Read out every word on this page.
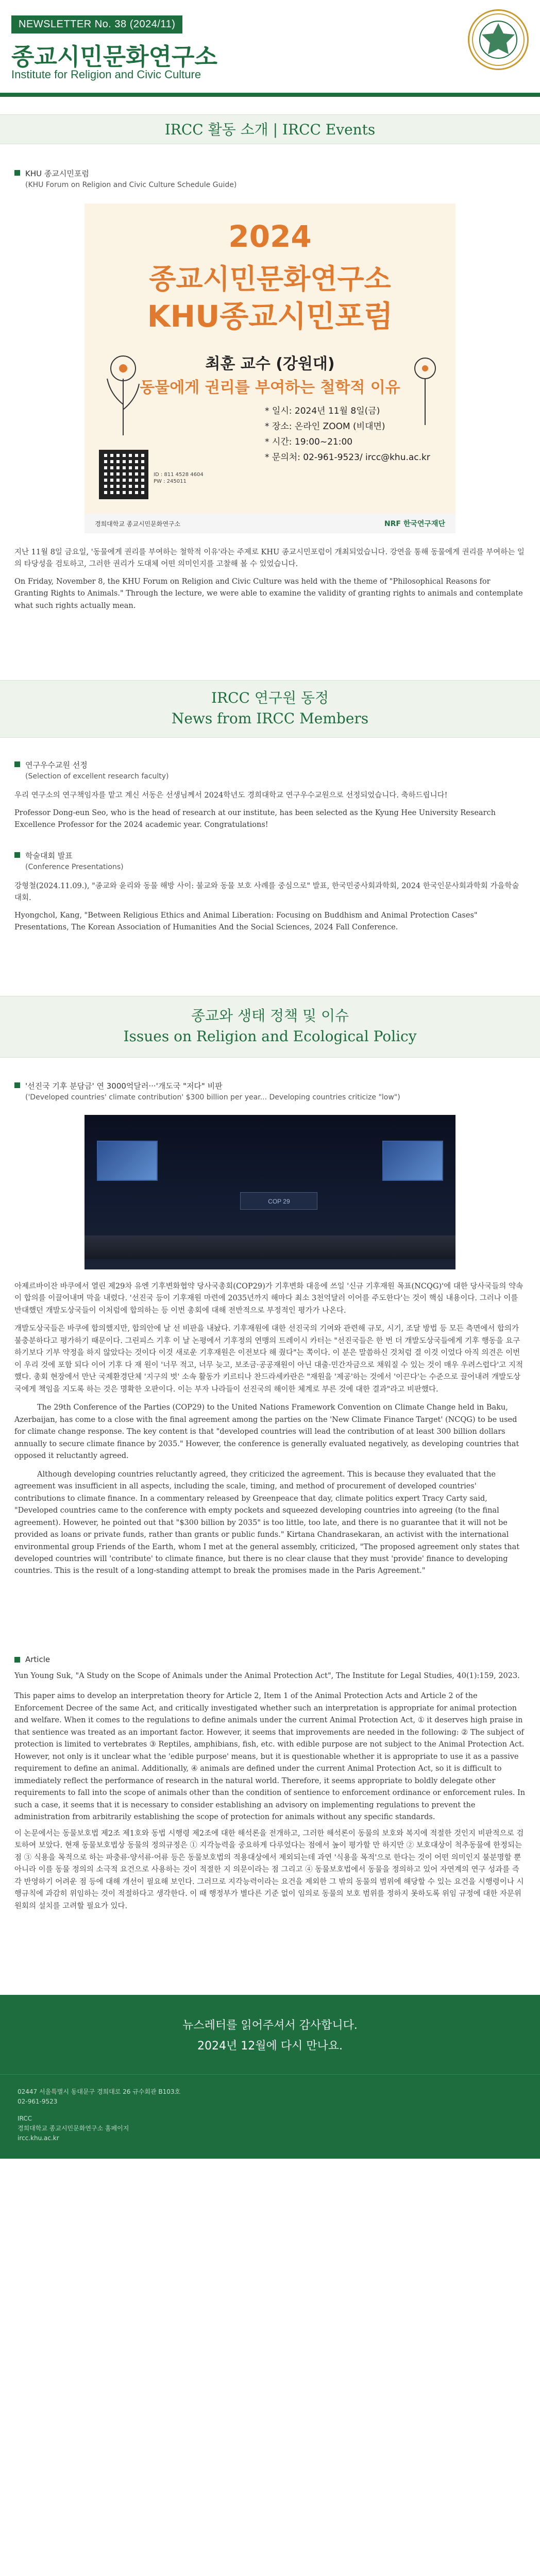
NEWSLETTER No. 38 (2024/11)
종교시민문화연구소
Institute for Religion and Civic Culture
IRCC 활동 소개 | IRCC Events
KHU 종교시민포럼
(KHU Forum on Religion and Civic Culture Schedule Guide)
2024
종교시민문화연구소
KHU종교시민포럼
최훈 교수 (강원대)
동물에게 권리를 부여하는 철학적 이유
* 일시: 2024년 11월 8일(금)
* 장소: 온라인 ZOOM (비대면)
* 시간: 19:00~21:00
* 문의처: 02-961-9523/ ircc@khu.ac.kr
ID : 811 4528 4604
PW : 245011
경희대학교 종교시민문화연구소	NRF 한국연구재단

지난 11월 8일 금요일, '동물에게 권리를 부여하는 철학적 이유'라는 주제로 KHU 종교시민포럼이 개최되었습니다. 강연을 통해 동물에게 권리를 부여하는 일의 타당성을 검토하고, 그러한 권리가 도대체 어떤 의미인지를 고찰해 볼 수 있었습니다.

On Friday, November 8, the KHU Forum on Religion and Civic Culture was held with the theme of "Philosophical Reasons for Granting Rights to Animals." Through the lecture, we were able to examine the validity of granting rights to animals and contemplate what such rights actually mean.

IRCC 연구원 동정
News from IRCC Members
연구우수교원 선정
(Selection of excellent research faculty)

우리 연구소의 연구책임자를 맡고 계신 서동은 선생님께서 2024학년도 경희대학교 연구우수교원으로 선정되었습니다. 축하드립니다!

Professor Dong-eun Seo, who is the head of research at our institute, has been selected as the Kyung Hee University Research Excellence Professor for the 2024 academic year. Congratulations!

학술대회 발표
(Conference Presentations)

강형철(2024.11.09.), "종교와 윤리와 동물 해방 사이: 불교와 동물 보호 사례를 중심으로" 발표, 한국민중사회과학회, 2024 한국인문사회과학회 가을학술대회.

Hyongchol, Kang, "Between Religious Ethics and Animal Liberation: Focusing on Buddhism and Animal Protection Cases" Presentations, The Korean Association of Humanities And the Social Sciences, 2024 Fall Conference.

종교와 생태 정책 및 이슈
Issues on Religion and Ecological Policy
'선진국 기후 분담금' 연 3000억달러···'개도국 "저다" 비판
('Developed countries' climate contribution' $300 billion per year... Developing countries criticize "low")
COP 29

아제르바이잔 바쿠에서 열린 제29차 유엔 기후변화협약 당사국총회(COP29)가 기후변화 대응에 쓰일 '신규 기후재원 목표(NCQG)'에 대한 당사국들의 약속이 합의를 이끌어내며 막을 내렸다. '선진국 등이 기후재원 마련에 2035년까지 해마다 최소 3천억달러 이어를 주도한다'는 것이 핵심 내용이다. 그러나 이를 반대했던 개발도상국들이 이처럼에 합의하는 등 이번 총회에 대해 전반적으로 부정적인 평가가 나온다.

개발도상국들은 바쿠에 합의했지만, 합의안에 날 선 비판을 내놨다. 기후재원에 대한 선진국의 기여와 관련해 규모, 시기, 조달 방법 등 모든 측면에서 합의가 불충분하다고 평가하기 때문이다. 그린피스 기후 이 날 논평에서 기후정의 연맹의 트레이시 카터는 "선진국들은 한 번 더 개발도상국들에게 기후 행동을 요구하기보다 기부 약정을 하지 않았다는 것이다 이것 새로운 기후재원은 이전보다 해 줬다"는 쪽이다. 이 분은 말씀하신 것처럼 결 이것 이었다 아직 의견은 이번 이 우리 것에 포함 되다 이어 기후 다 재 원이 '너무 적고, 너무 늦고, 보조금·공공재원이 아닌 대출·민간자금으로 채워질 수 있는 것이 매우 우려스럽다'고 지적했다. 총회 현장에서 만난 국제환경단체 '지구의 벗' 소속 활동가 키르티나 찬드라세카란은 "재원을 '제공'하는 것에서 '이끈다'는 수준으로 끌어내려 개발도상국에게 책임을 지도록 하는 것은 명확한 오판이다. 이는 부자 나라들이 선진국의 해이한 체계로 부른 것에 대한 결과"라고 비판했다.

The 29th Conference of the Parties (COP29) to the United Nations Framework Convention on Climate Change held in Baku, Azerbaijan, has come to a close with the final agreement among the parties on the 'New Climate Finance Target' (NCQG) to be used for climate change response. The key content is that "developed countries will lead the contribution of at least 300 billion dollars annually to secure climate finance by 2035." However, the conference is generally evaluated negatively, as developing countries that opposed it reluctantly agreed.

Although developing countries reluctantly agreed, they criticized the agreement. This is because they evaluated that the agreement was insufficient in all aspects, including the scale, timing, and method of procurement of developed countries' contributions to climate finance. In a commentary released by Greenpeace that day, climate politics expert Tracy Carty said, "Developed countries came to the conference with empty pockets and squeezed developing countries into agreeing (to the final agreement). However, he pointed out that "$300 billion by 2035" is too little, too late, and there is no guarantee that it will not be provided as loans or private funds, rather than grants or public funds." Kirtana Chandrasekaran, an activist with the international environmental group Friends of the Earth, whom I met at the general assembly, criticized, "The proposed agreement only states that developed countries will 'contribute' to climate finance, but there is no clear clause that they must 'provide' finance to developing countries. This is the result of a long-standing attempt to break the promises made in the Paris Agreement."

Article

Yun Young Suk, "A Study on the Scope of Animals under the Animal Protection Act", The Institute for Legal Studies, 40(1):159, 2023.

This paper aims to develop an interpretation theory for Article 2, Item 1 of the Animal Protection Acts and Article 2 of the Enforcement Decree of the same Act, and critically investigated whether such an interpretation is appropriate for animal protection and welfare. When it comes to the regulations to define animals under the current Animal Protection Act, ① it deserves high praise in that sentience was treated as an important factor. However, it seems that improvements are needed in the following: ② The subject of protection is limited to vertebrates ③ Reptiles, amphibians, fish, etc. with edible purpose are not subject to the Animal Protection Act. However, not only is it unclear what the 'edible purpose' means, but it is questionable whether it is appropriate to use it as a passive requirement to define an animal. Additionally, ④ animals are defined under the current Animal Protection Act, so it is difficult to immediately reflect the performance of research in the natural world. Therefore, it seems appropriate to boldly delegate other requirements to fall into the scope of animals other than the condition of sentience to enforcement ordinance or enforcement rules. In such a case, it seems that it is necessary to consider establishing an advisory on implementing regulations to prevent the administration from arbitrarily establishing the scope of protection for animals without any specific standards.

이 논문에서는 동물보호법 제2조 제1호와 동법 시행령 제2조에 대한 해석론을 전개하고, 그러한 해석론이 동물의 보호와 복지에 적절한 것인지 비판적으로 검토하여 보았다. 현재 동물보호법상 동물의 정의규정은 ① 지각능력을 중요하게 다루었다는 점에서 높이 평가할 만 하지만 ② 보호대상이 척추동물에 한정되는 점 ③ 식용을 목적으로 하는 파충류·양서류·어류 등은 동물보호법의 적용대상에서 제외되는데 과연 '식용을 목적'으로 한다는 것이 어떤 의미인지 불분명할 뿐 아니라 이를 동물 정의의 소극적 요건으로 사용하는 것이 적절한 지 의문이라는 점 그리고 ④ 동물보호법에서 동물을 정의하고 있어 자연계의 연구 성과를 즉각 반영하기 어려운 점 등에 대해 개선이 필요해 보인다. 그러므로 지각능력이라는 요건을 제외한 그 밖의 동물의 범위에 해당할 수 있는 요건을 시행령이나 시행규칙에 과감히 위임하는 것이 적절하다고 생각한다. 이 때 행정부가 별다른 기준 없이 임의로 동물의 보호 범위를 정하지 못하도록 위임 규정에 대한 자문위원회의 설치를 고려할 필요가 있다.

뉴스레터를 읽어주셔서 감사합니다.
2024년 12월에 다시 만나요.
02447 서울특별시 동대문구 경희대로 26 규수회관 B103호
02-961-9523
IRCC
경희대학교 종교시민문화연구소 홈페이지
ircc.khu.ac.kr
